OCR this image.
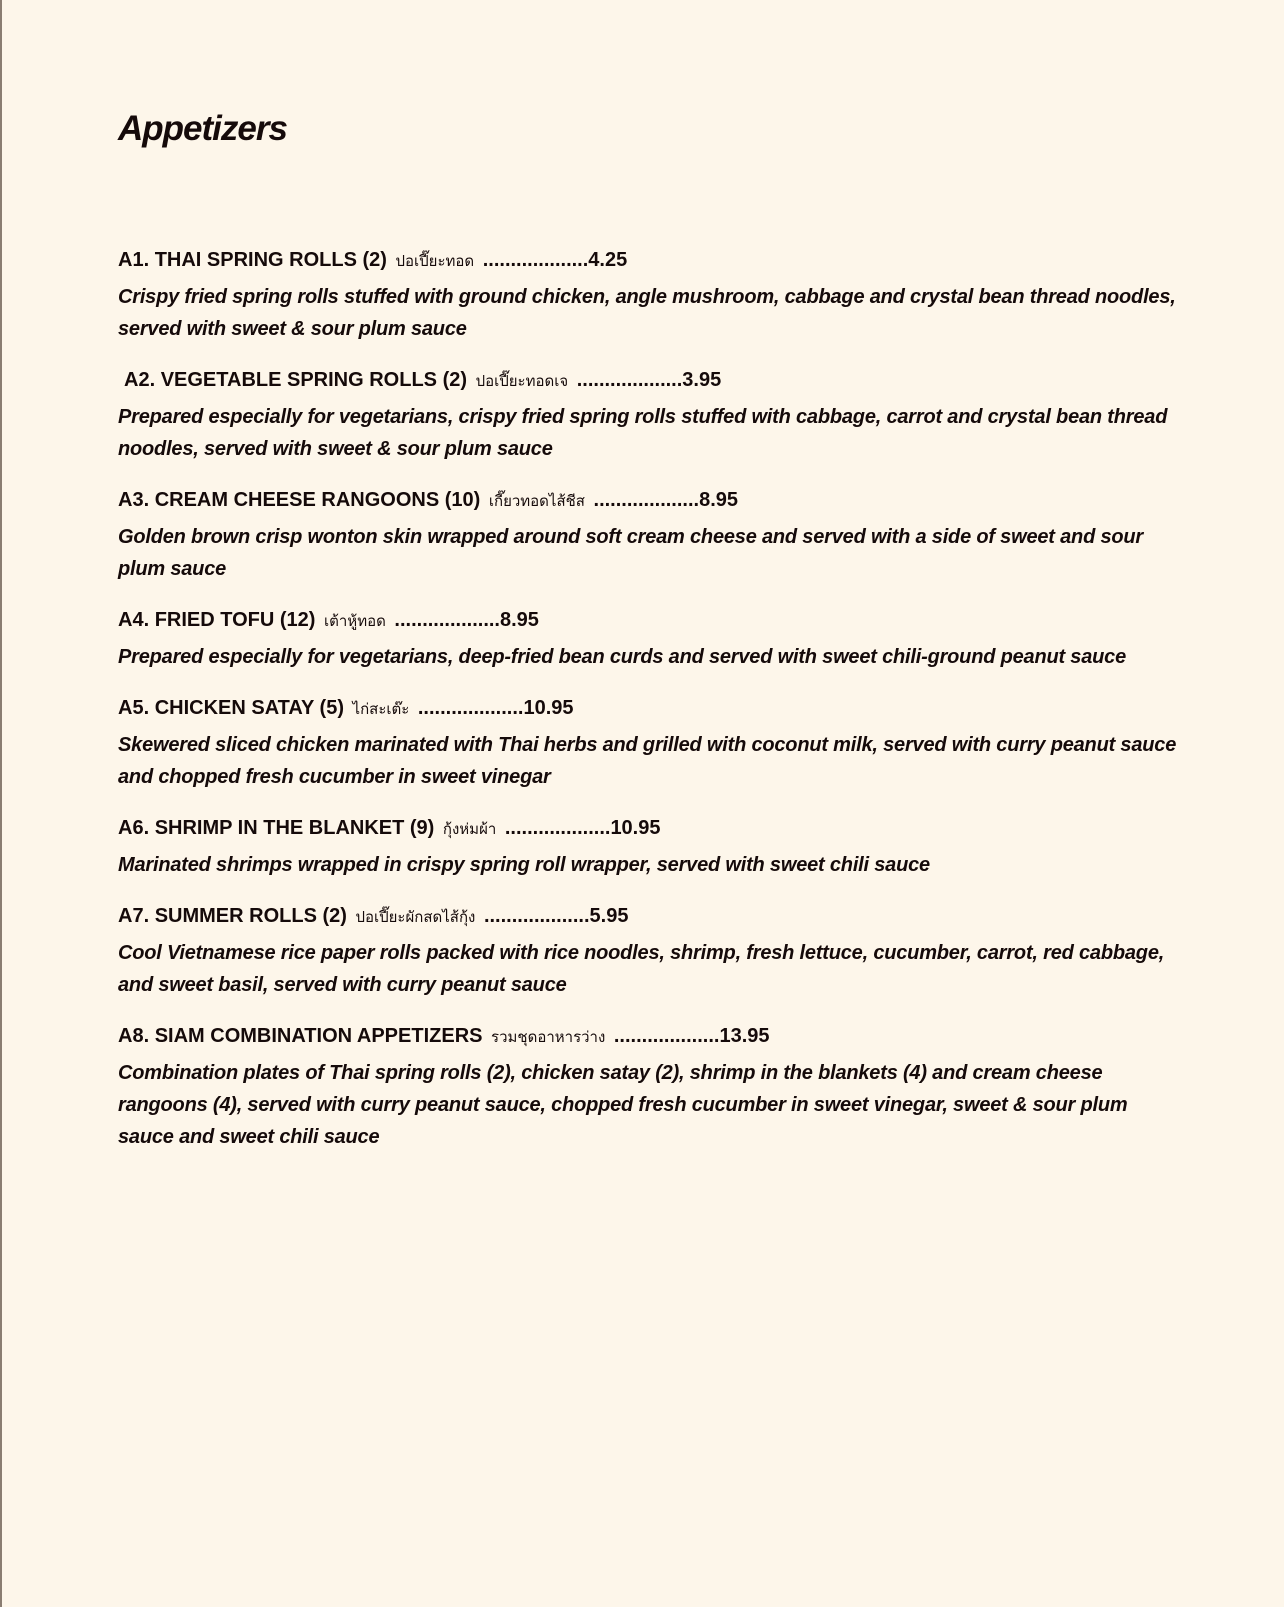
Appetizers
A1. THAI SPRING ROLLS (2) ปอเปี๊ยะทอด ...................4.25
Crispy fried spring rolls stuffed with ground chicken, angle mushroom, cabbage and crystal bean thread noodles, served with sweet & sour plum sauce
A2. VEGETABLE SPRING ROLLS (2) ปอเปี๊ยะทอดเจ ...................3.95
Prepared especially for vegetarians, crispy fried spring rolls stuffed with cabbage, carrot and crystal bean thread noodles, served with sweet & sour plum sauce
A3. CREAM CHEESE RANGOONS (10) เกี๊ยวทอดไส้ชีส ...................8.95
Golden brown crisp wonton skin wrapped around soft cream cheese and served with a side of sweet and sour plum sauce
A4. FRIED TOFU (12) เต้าหู้ทอด ...................8.95
Prepared especially for vegetarians, deep-fried bean curds and served with sweet chili-ground peanut sauce
A5. CHICKEN SATAY (5) ไก่สะเต๊ะ ...................10.95
Skewered sliced chicken marinated with Thai herbs and grilled with coconut milk, served with curry peanut sauce and chopped fresh cucumber in sweet vinegar
A6. SHRIMP IN THE BLANKET (9) กุ้งห่มผ้า ...................10.95
Marinated shrimps wrapped in crispy spring roll wrapper, served with sweet chili sauce
A7. SUMMER ROLLS (2) ปอเปี๊ยะผักสดไส้กุ้ง ...................5.95
Cool Vietnamese rice paper rolls packed with rice noodles, shrimp, fresh lettuce, cucumber, carrot, red cabbage, and sweet basil, served with curry peanut sauce
A8. SIAM COMBINATION APPETIZERS รวมชุดอาหารว่าง ...................13.95
Combination plates of Thai spring rolls (2), chicken satay (2), shrimp in the blankets (4) and cream cheese rangoons (4), served with curry peanut sauce, chopped fresh cucumber in sweet vinegar, sweet & sour plum sauce and sweet chili sauce
